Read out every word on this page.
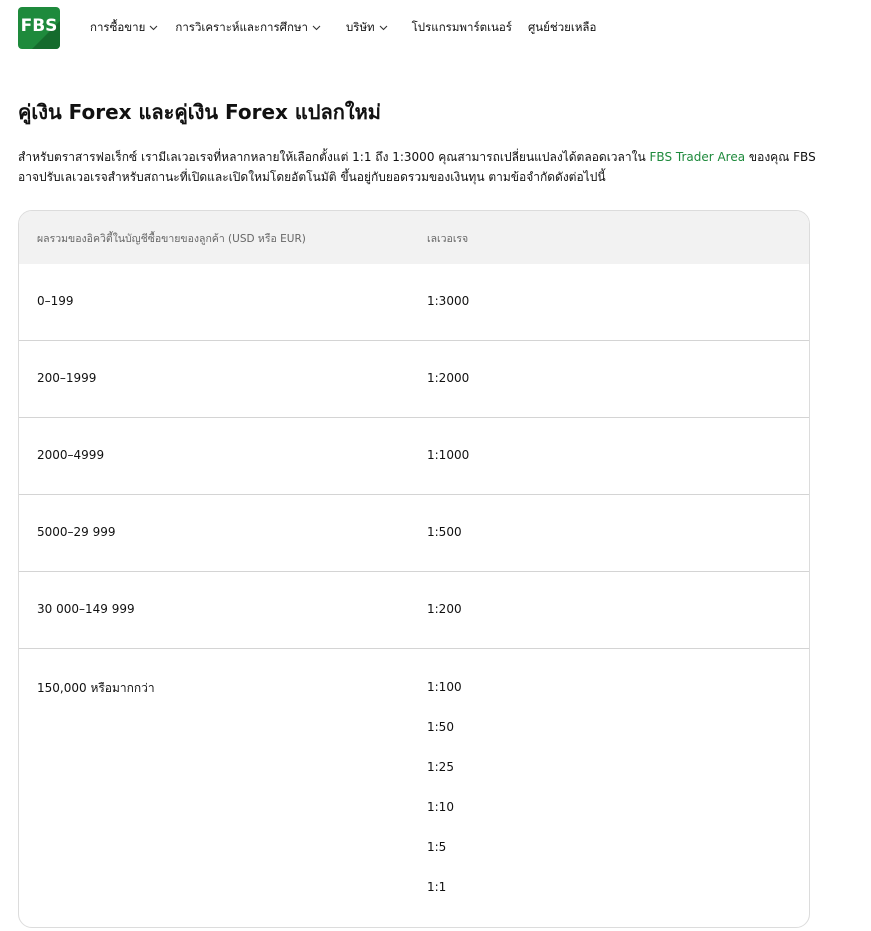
FBS	การซื้อขาย	การวิเคราะห์และการศึกษา	บริษัท	โปรแกรมพาร์ตเนอร์ ศูนย์ช่วยเหลือ
คู่เงิน Forex และคู่เงิน Forex แปลกใหม่

สำหรับตราสารฟอเร็กซ์ เรามีเลเวอเรจที่หลากหลายให้เลือกตั้งแต่ 1:1 ถึง 1:3000 คุณสามารถเปลี่ยนแปลงได้ตลอดเวลาใน FBS Trader Area ของคุณ FBS อาจปรับเลเวอเรจสำหรับสถานะที่เปิดและเปิดใหม่โดยอัตโนมัติ ขึ้นอยู่กับยอดรวมของเงินทุน ตามข้อจำกัดดังต่อไปนี้

ผลรวมของอิควิตี้ในบัญชีซื้อขายของลูกค้า (USD หรือ EUR)	เลเวอเรจ
0–199	1:3000
200–1999	1:2000
2000–4999	1:1000
5000–29 999	1:500
30 000–149 999	1:200
150,000 หรือมากกว่า	1:100
1:50
1:25
1:10
1:5
1:1
